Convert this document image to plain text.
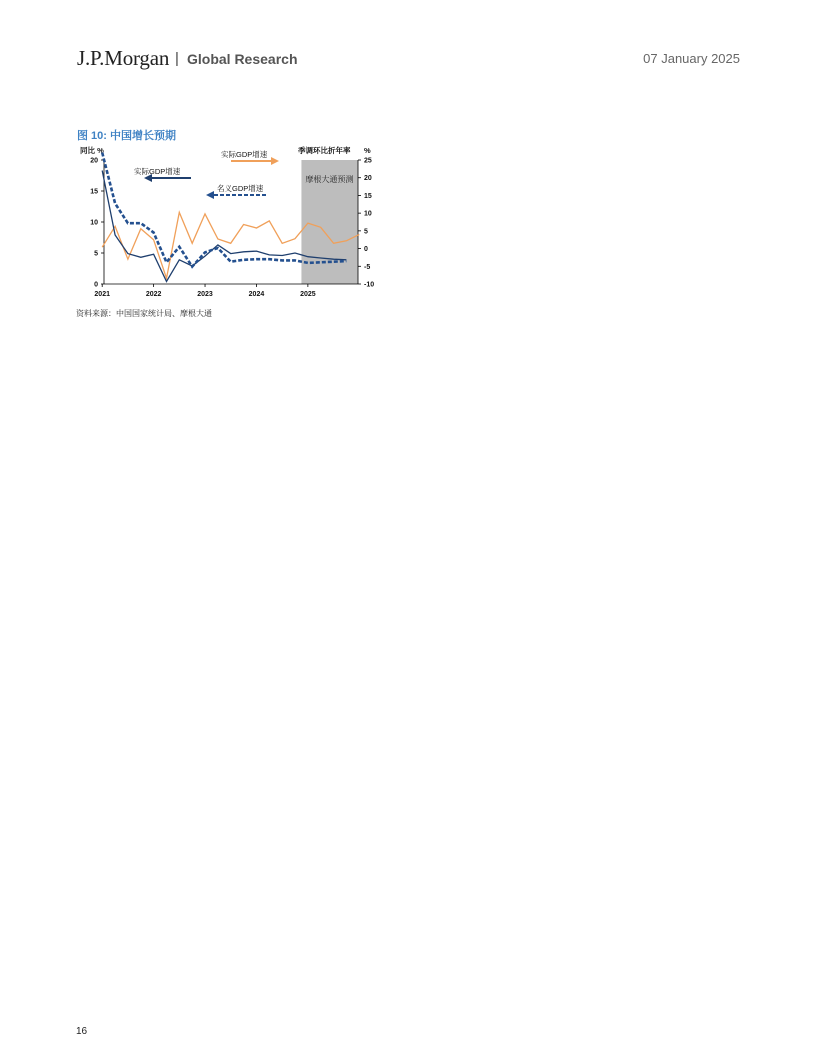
J.P.Morgan | Global Research	07 January 2025
图 10: 中国增长预期
摩根大通预测
同比 %	季调环比折年率 %
0
5
10
15
20
-10
-5
0
5
10
15
20
25
2021	2022	2023	2024	2025
实际GDP增速
实际GDP增速
名义GDP增速
资料来源：中国国家统计局、摩根大通
16
